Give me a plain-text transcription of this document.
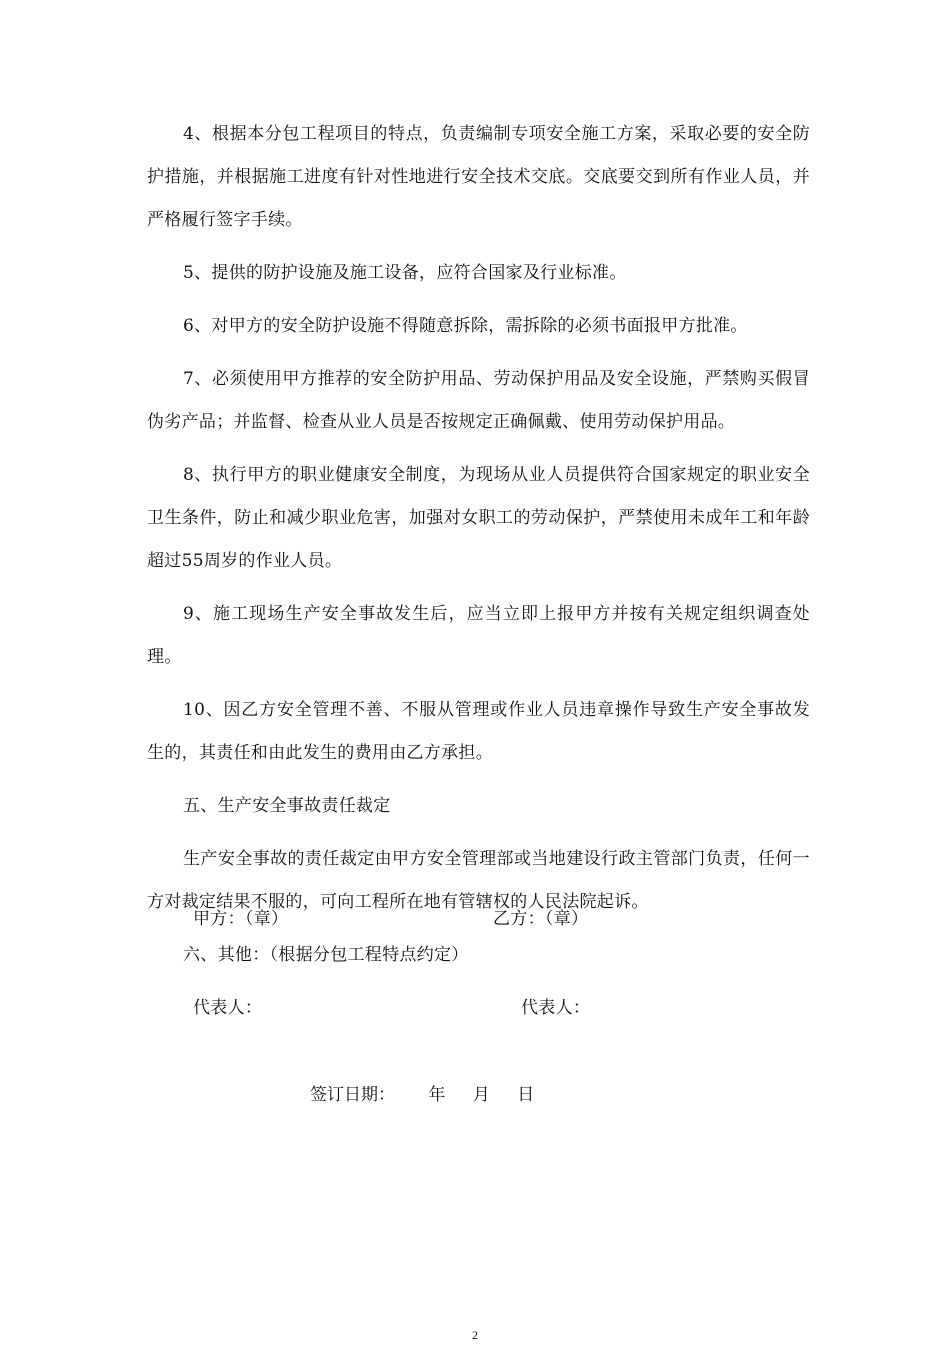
4、根据本分包工程项目的特点，负责编制专项安全施工方案，采取必要的安全防护措施，并根据施工进度有针对性地进行安全技术交底。交底要交到所有作业人员，并严格履行签字手续。

5、提供的防护设施及施工设备，应符合国家及行业标准。

6、对甲方的安全防护设施不得随意拆除，需拆除的必须书面报甲方批准。

7、必须使用甲方推荐的安全防护用品、劳动保护用品及安全设施，严禁购买假冒伪劣产品；并监督、检查从业人员是否按规定正确佩戴、使用劳动保护用品。

8、执行甲方的职业健康安全制度，为现场从业人员提供符合国家规定的职业安全卫生条件，防止和减少职业危害，加强对女职工的劳动保护，严禁使用未成年工和年龄超过55周岁的作业人员。

9、施工现场生产安全事故发生后，应当立即上报甲方并按有关规定组织调查处理。

10、因乙方安全管理不善、不服从管理或作业人员违章操作导致生产安全事故发生的，其责任和由此发生的费用由乙方承担。

五、生产安全事故责任裁定

生产安全事故的责任裁定由甲方安全管理部或当地建设行政主管部门负责，任何一方对裁定结果不服的，可向工程所在地有管辖权的人民法院起诉。

六、其他：（根据分包工程特点约定）

甲方：（章）	乙方：（章）
代表人：	代表人：
签订日期： 年 月 日
2
